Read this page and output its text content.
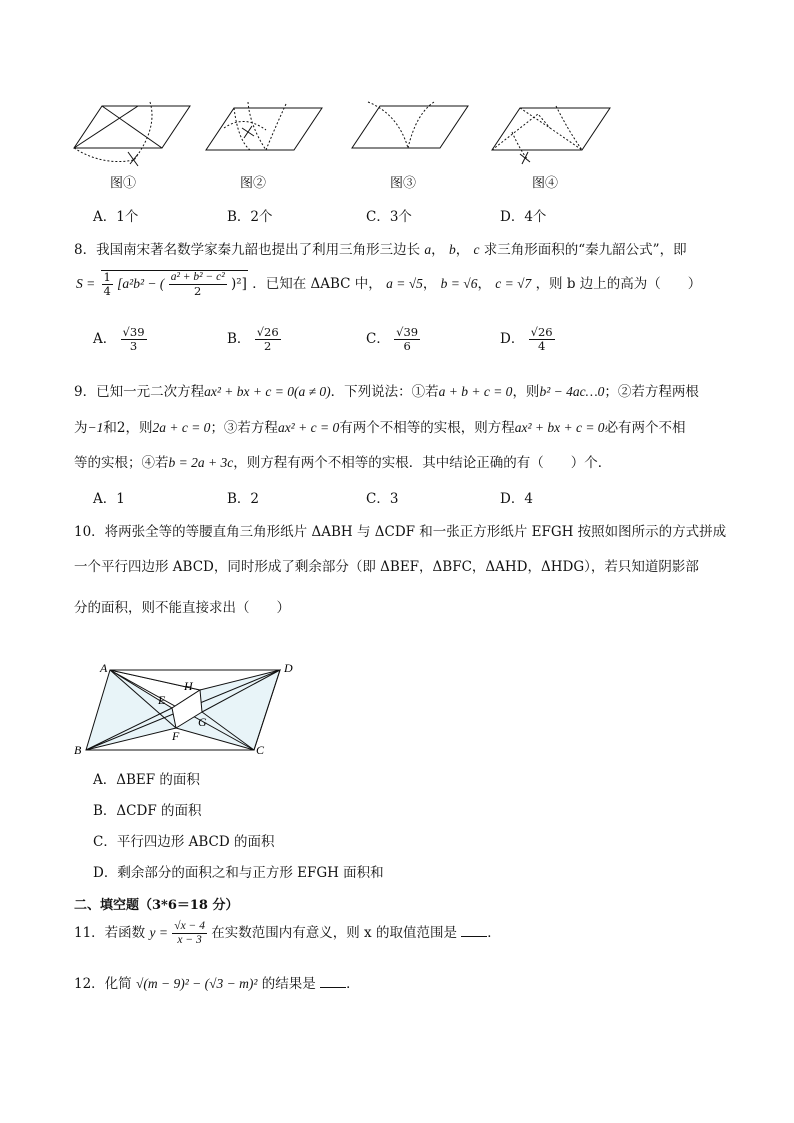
图①	图②	图③	图④
A．1个	B．2个	C．3个	D．4个
8．我国南宋著名数学家秦九韶也提出了利用三角形三边长 a， b， c 求三角形面积的“秦九韶公式”，即
$S = \frac{1}{4} [a^2b^2$ − ( $\frac{\text{a² + b² − c²}}{2} )^2$] ．已知在 ΔABC 中， a = √5， b = √6， c = √7 ，则 b 边上的高为（　　）
A． $\frac{√39}{3}$	B． $\frac{√26}{2}$	C． $\frac{√39}{6}$	D． $\frac{√26}{4}$
9．已知一元二次方程ax² + bx + c = 0(a ≠ 0)．下列说法：①若a + b + c = 0，则b² − 4ac…0；②若方程两根
为−1和2，则2a + c = 0；③若方程ax² + c = 0有两个不相等的实根，则方程ax² + bx + c = 0必有两个不相
等的实根；④若b = 2a + 3c，则方程有两个不相等的实根．其中结论正确的有（　　）个．
A．1	B．2	C．3	D．4
10．将两张全等的等腰直角三角形纸片 ΔABH 与 ΔCDF 和一张正方形纸片 EFGH 按照如图所示的方式拼成
一个平行四边形 ABCD，同时形成了剩余部分（即 ΔBEF，ΔBFC，ΔAHD，ΔHDG），若只知道阴影部
分的面积，则不能直接求出（　　）
A	D
B	C
E
H
G
F
A．ΔBEF 的面积
B．ΔCDF 的面积
C．平行四边形 ABCD 的面积
D．剩余部分的面积之和与正方形 EFGH 面积和
二、填空题（3*6＝18 分）
11．若函数 $y = \frac{√x - 4}{x - 3}$ 在实数范围内有意义，则 x 的取值范围是 ．
12．化简 √(m − 9)² − (√3 − m)² 的结果是 ．
